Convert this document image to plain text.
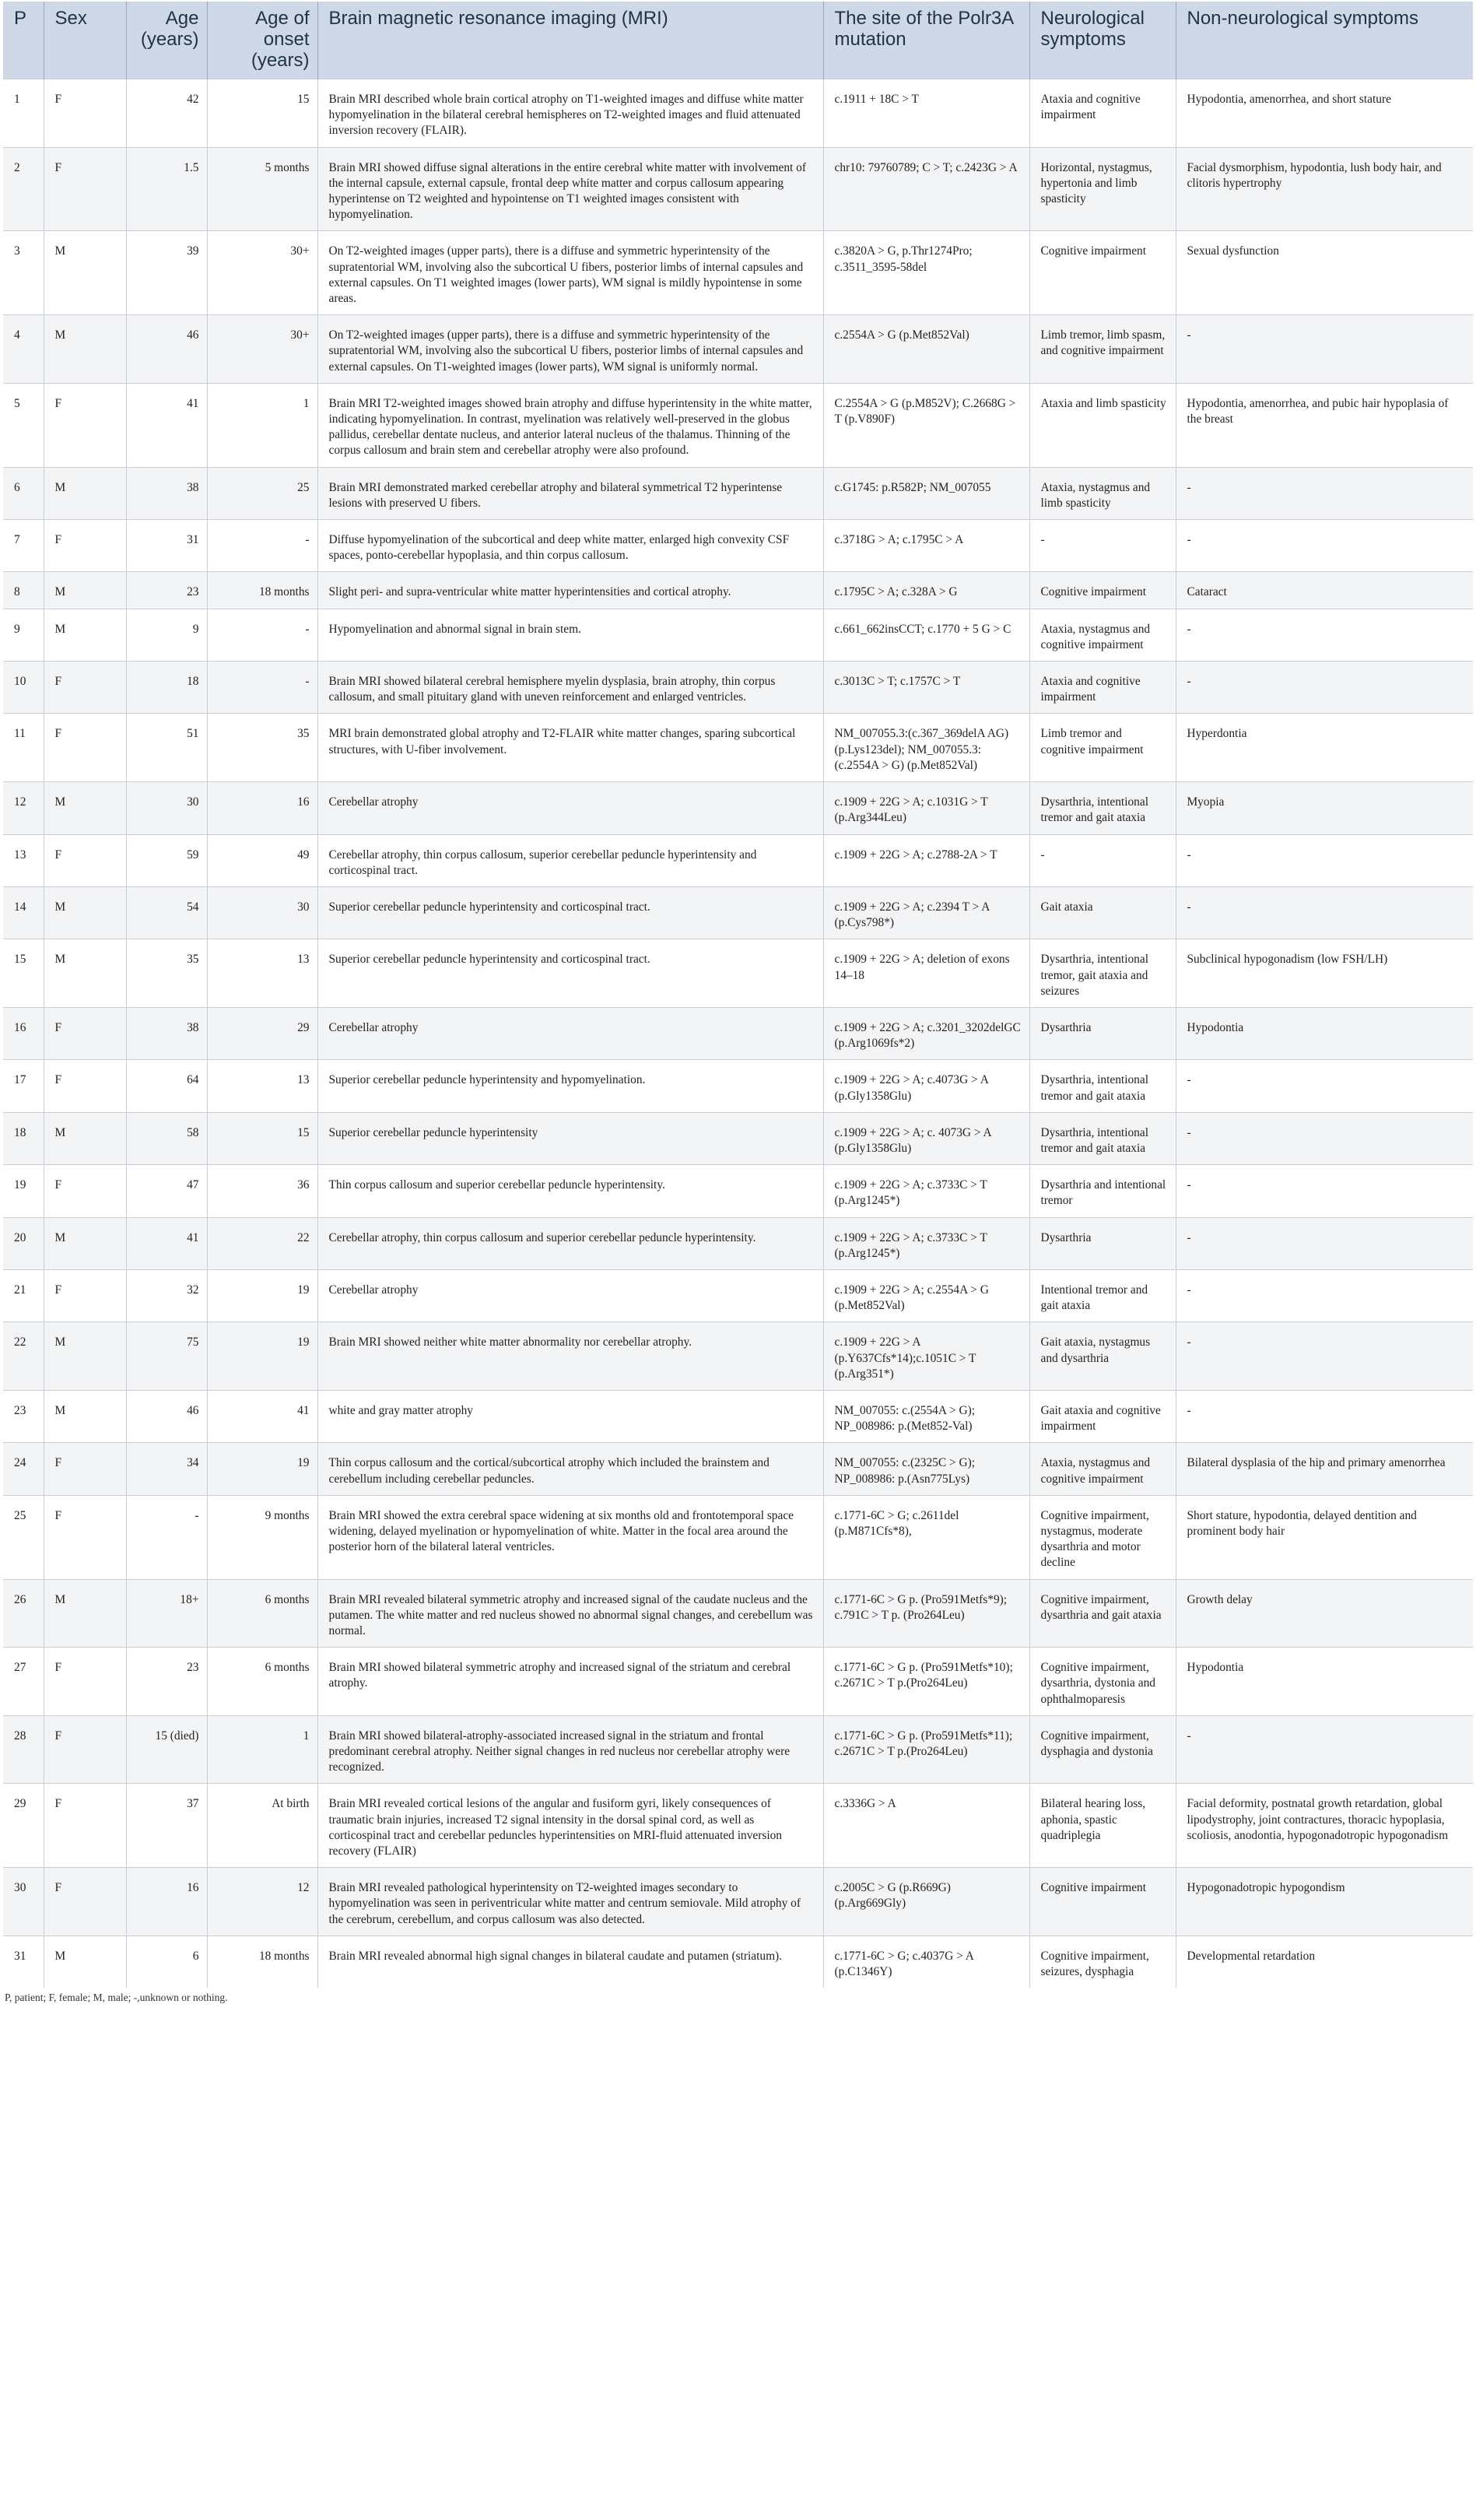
P	Sex	Age (years)	Age of onset (years)	Brain magnetic resonance imaging (MRI)	The site of the Polr3A mutation	Neurological symptoms	Non-neurological symptoms
1	F	42	15	Brain MRI described whole brain cortical atrophy on T1-weighted images and diffuse white matter hypomyelination in the bilateral cerebral hemispheres on T2-weighted images and fluid attenuated inversion recovery (FLAIR).	c.1911 + 18C > T	Ataxia and cognitive impairment	Hypodontia, amenorrhea, and short stature
2	F	1.5	5 months	Brain MRI showed diffuse signal alterations in the entire cerebral white matter with involvement of the internal capsule, external capsule, frontal deep white matter and corpus callosum appearing hyperintense on T2 weighted and hypointense on T1 weighted images consistent with hypomyelination.	chr10: 79760789; C > T; c.2423G > A	Horizontal, nystagmus, hypertonia and limb spasticity	Facial dysmorphism, hypodontia, lush body hair, and clitoris hypertrophy
3	M	39	30+	On T2-weighted images (upper parts), there is a diffuse and symmetric hyperintensity of the supratentorial WM, involving also the subcortical U fibers, posterior limbs of internal capsules and external capsules. On T1 weighted images (lower parts), WM signal is mildly hypointense in some areas.	c.3820A > G, p.Thr1274Pro; c.3511_3595-58del	Cognitive impairment	Sexual dysfunction
4	M	46	30+	On T2-weighted images (upper parts), there is a diffuse and symmetric hyperintensity of the supratentorial WM, involving also the subcortical U fibers, posterior limbs of internal capsules and external capsules. On T1-weighted images (lower parts), WM signal is uniformly normal.	c.2554A > G (p.Met852Val)	Limb tremor, limb spasm, and cognitive impairment	-
5	F	41	1	Brain MRI T2-weighted images showed brain atrophy and diffuse hyperintensity in the white matter, indicating hypomyelination. In contrast, myelination was relatively well-preserved in the globus pallidus, cerebellar dentate nucleus, and anterior lateral nucleus of the thalamus. Thinning of the corpus callosum and brain stem and cerebellar atrophy were also profound.	C.2554A > G (p.M852V); C.2668G > T (p.V890F)	Ataxia and limb spasticity	Hypodontia, amenorrhea, and pubic hair hypoplasia of the breast
6	M	38	25	Brain MRI demonstrated marked cerebellar atrophy and bilateral symmetrical T2 hyperintense lesions with preserved U fibers.	c.G1745: p.R582P; NM_007055	Ataxia, nystagmus and limb spasticity	-
7	F	31	-	Diffuse hypomyelination of the subcortical and deep white matter, enlarged high convexity CSF spaces, ponto-cerebellar hypoplasia, and thin corpus callosum.	c.3718G > A; c.1795C > A	-	-
8	M	23	18 months	Slight peri- and supra-ventricular white matter hyperintensities and cortical atrophy.	c.1795C > A; c.328A > G	Cognitive impairment	Cataract
9	M	9	-	Hypomyelination and abnormal signal in brain stem.	c.661_662insCCT; c.1770 + 5 G > C	Ataxia, nystagmus and cognitive impairment	-
10	F	18	-	Brain MRI showed bilateral cerebral hemisphere myelin dysplasia, brain atrophy, thin corpus callosum, and small pituitary gland with uneven reinforcement and enlarged ventricles.	c.3013C > T; c.1757C > T	Ataxia and cognitive impairment	-
11	F	51	35	MRI brain demonstrated global atrophy and T2-FLAIR white matter changes, sparing subcortical structures, with U-fiber involvement.	NM_007055.3:(c.367_369delA AG) (p.Lys123del); NM_007055.3:(c.2554A > G) (p.Met852Val)	Limb tremor and cognitive impairment	Hyperdontia
12	M	30	16	Cerebellar atrophy	c.1909 + 22G > A; c.1031G > T (p.Arg344Leu)	Dysarthria, intentional tremor and gait ataxia	Myopia
13	F	59	49	Cerebellar atrophy, thin corpus callosum, superior cerebellar peduncle hyperintensity and corticospinal tract.	c.1909 + 22G > A; c.2788-2A > T	-	-
14	M	54	30	Superior cerebellar peduncle hyperintensity and corticospinal tract.	c.1909 + 22G > A; c.2394 T > A (p.Cys798*)	Gait ataxia	-
15	M	35	13	Superior cerebellar peduncle hyperintensity and corticospinal tract.	c.1909 + 22G > A; deletion of exons 14–18	Dysarthria, intentional tremor, gait ataxia and seizures	Subclinical hypogonadism (low FSH/LH)
16	F	38	29	Cerebellar atrophy	c.1909 + 22G > A; c.3201_3202delGC (p.Arg1069fs*2)	Dysarthria	Hypodontia
17	F	64	13	Superior cerebellar peduncle hyperintensity and hypomyelination.	c.1909 + 22G > A; c.4073G > A (p.Gly1358Glu)	Dysarthria, intentional tremor and gait ataxia	-
18	M	58	15	Superior cerebellar peduncle hyperintensity	c.1909 + 22G > A; c. 4073G > A (p.Gly1358Glu)	Dysarthria, intentional tremor and gait ataxia	-
19	F	47	36	Thin corpus callosum and superior cerebellar peduncle hyperintensity.	c.1909 + 22G > A; c.3733C > T (p.Arg1245*)	Dysarthria and intentional tremor	-
20	M	41	22	Cerebellar atrophy, thin corpus callosum and superior cerebellar peduncle hyperintensity.	c.1909 + 22G > A; c.3733C > T (p.Arg1245*)	Dysarthria	-
21	F	32	19	Cerebellar atrophy	c.1909 + 22G > A; c.2554A > G (p.Met852Val)	Intentional tremor and gait ataxia	-
22	M	75	19	Brain MRI showed neither white matter abnormality nor cerebellar atrophy.	c.1909 + 22G > A (p.Y637Cfs*14);c.1051C > T (p.Arg351*)	Gait ataxia, nystagmus and dysarthria	-
23	M	46	41	white and gray matter atrophy	NM_007055: c.(2554A > G); NP_008986: p.(Met852-Val)	Gait ataxia and cognitive impairment	-
24	F	34	19	Thin corpus callosum and the cortical/subcortical atrophy which included the brainstem and cerebellum including cerebellar peduncles.	NM_007055: c.(2325C > G); NP_008986: p.(Asn775Lys)	Ataxia, nystagmus and cognitive impairment	Bilateral dysplasia of the hip and primary amenorrhea
25	F	-	9 months	Brain MRI showed the extra cerebral space widening at six months old and frontotemporal space widening, delayed myelination or hypomyelination of white. Matter in the focal area around the posterior horn of the bilateral lateral ventricles.	c.1771-6C > G; c.2611del (p.M871Cfs*8),	Cognitive impairment, nystagmus, moderate dysarthria and motor decline	Short stature, hypodontia, delayed dentition and prominent body hair
26	M	18+	6 months	Brain MRI revealed bilateral symmetric atrophy and increased signal of the caudate nucleus and the putamen. The white matter and red nucleus showed no abnormal signal changes, and cerebellum was normal.	c.1771-6C > G p. (Pro591Metfs*9); c.791C > T p. (Pro264Leu)	Cognitive impairment, dysarthria and gait ataxia	Growth delay
27	F	23	6 months	Brain MRI showed bilateral symmetric atrophy and increased signal of the striatum and cerebral atrophy.	c.1771-6C > G p. (Pro591Metfs*10); c.2671C > T p.(Pro264Leu)	Cognitive impairment, dysarthria, dystonia and ophthalmoparesis	Hypodontia
28	F	15 (died)	1	Brain MRI showed bilateral-atrophy-associated increased signal in the striatum and frontal predominant cerebral atrophy. Neither signal changes in red nucleus nor cerebellar atrophy were recognized.	c.1771-6C > G p. (Pro591Metfs*11); c.2671C > T p.(Pro264Leu)	Cognitive impairment, dysphagia and dystonia	-
29	F	37	At birth	Brain MRI revealed cortical lesions of the angular and fusiform gyri, likely consequences of traumatic brain injuries, increased T2 signal intensity in the dorsal spinal cord, as well as corticospinal tract and cerebellar peduncles hyperintensities on MRI-fluid attenuated inversion recovery (FLAIR)	c.3336G > A	Bilateral hearing loss, aphonia, spastic quadriplegia	Facial deformity, postnatal growth retardation, global lipodystrophy, joint contractures, thoracic hypoplasia, scoliosis, anodontia, hypogonadotropic hypogonadism
30	F	16	12	Brain MRI revealed pathological hyperintensity on T2-weighted images secondary to hypomyelination was seen in periventricular white matter and centrum semiovale. Mild atrophy of the cerebrum, cerebellum, and corpus callosum was also detected.	c.2005C > G (p.R669G) (p.Arg669Gly)	Cognitive impairment	Hypogonadotropic hypogondism
31	M	6	18 months	Brain MRI revealed abnormal high signal changes in bilateral caudate and putamen (striatum).	c.1771-6C > G; c.4037G > A (p.C1346Y)	Cognitive impairment, seizures, dysphagia	Developmental retardation
P, patient; F, female; M, male; -,unknown or nothing.
